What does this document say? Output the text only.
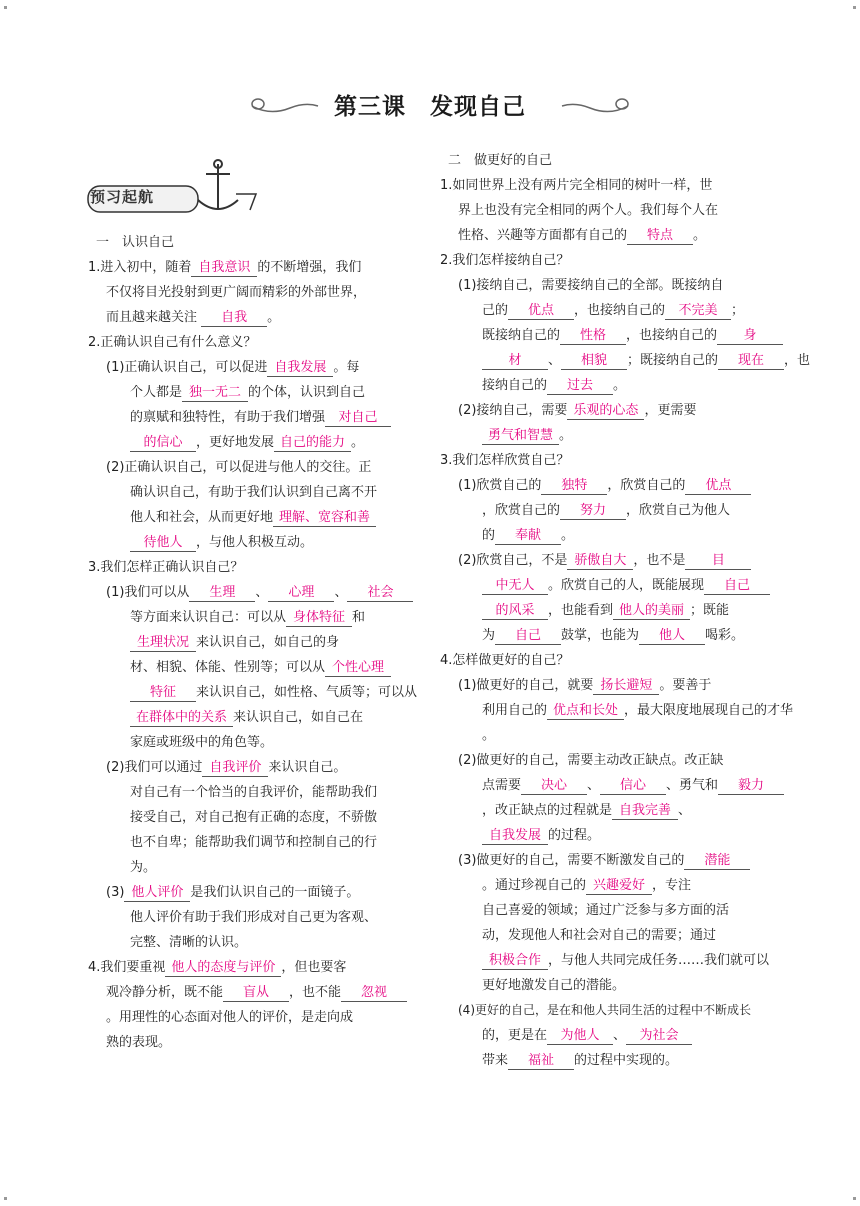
第三课　发现自己
预习起航

一　认识自己

1.进入初中，随着 自我意识 的不断增强，我们

不仅将目光投射到更广阔而精彩的外部世界，

而且越来越关注 自我 。

2.正确认识自己有什么意义？

(1)正确认识自己，可以促进 自我发展 。每

个人都是 独一无二 的个体，认识到自己

的禀赋和独特性，有助于我们增强 对自己

的信心 ，更好地发展 自己的能力 。

(2)正确认识自己，可以促进与他人的交往。正

确认识自己，有助于我们认识到自己离不开

他人和社会，从而更好地 理解、宽容和善

待他人 ，与他人积极互动。

3.我们怎样正确认识自己？

(1)我们可以从 生理 、 心理 、 社会

等方面来认识自己：可以从 身体特征 和

生理状况 来认识自己，如自己的身

材、相貌、体能、性别等；可以从 个性心理

特征 来认识自己，如性格、气质等；可以从

在群体中的关系 来认识自己，如自己在

家庭或班级中的角色等。

(2)我们可以通过 自我评价 来认识自己。

对自己有一个恰当的自我评价，能帮助我们

接受自己，对自己抱有正确的态度，不骄傲

也不自卑；能帮助我们调节和控制自己的行

为。

(3) 他人评价 是我们认识自己的一面镜子。

他人评价有助于我们形成对自己更为客观、

完整、清晰的认识。

4.我们要重视 他人的态度与评价 ，但也要客

观冷静分析，既不能 盲从 ，也不能 忽视

。用理性的心态面对他人的评价，是走向成

熟的表现。

二　做更好的自己

1.如同世界上没有两片完全相同的树叶一样，世

界上也没有完全相同的两个人。我们每个人在

性格、兴趣等方面都有自己的 特点 。

2.我们怎样接纳自己？

(1)接纳自己，需要接纳自己的全部。既接纳自

己的 优点 ，也接纳自己的 不完美 ；

既接纳自己的 性格 ，也接纳自己的 身

材 、 相貌 ；既接纳自己的 现在 ，也

接纳自己的 过去 。

(2)接纳自己，需要 乐观的心态 ，更需要

勇气和智慧 。

3.我们怎样欣赏自己？

(1)欣赏自己的 独特 ，欣赏自己的 优点

，欣赏自己的 努力 ，欣赏自己为他人

的 奉献 。

(2)欣赏自己，不是 骄傲自大 ，也不是 目

中无人 。欣赏自己的人，既能展现 自己

的风采 ，也能看到 他人的美丽 ；既能

为 自己 鼓掌，也能为 他人 喝彩。

4.怎样做更好的自己？

(1)做更好的自己，就要 扬长避短 。要善于

利用自己的 优点和长处 ，最大限度地展现自己的才华

。

(2)做更好的自己，需要主动改正缺点。改正缺

点需要 决心 、 信心 、勇气和 毅力

，改正缺点的过程就是 自我完善 、

自我发展 的过程。

(3)做更好的自己，需要不断激发自己的 潜能

。通过珍视自己的 兴趣爱好 ，专注

自己喜爱的领域；通过广泛参与多方面的活

动，发现他人和社会对自己的需要；通过

积极合作 ，与他人共同完成任务……我们就可以

更好地激发自己的潜能。

(4)更好的自己，是在和他人共同生活的过程中不断成长

的，更是在 为他人 、 为社会

带来 福祉 的过程中实现的。
